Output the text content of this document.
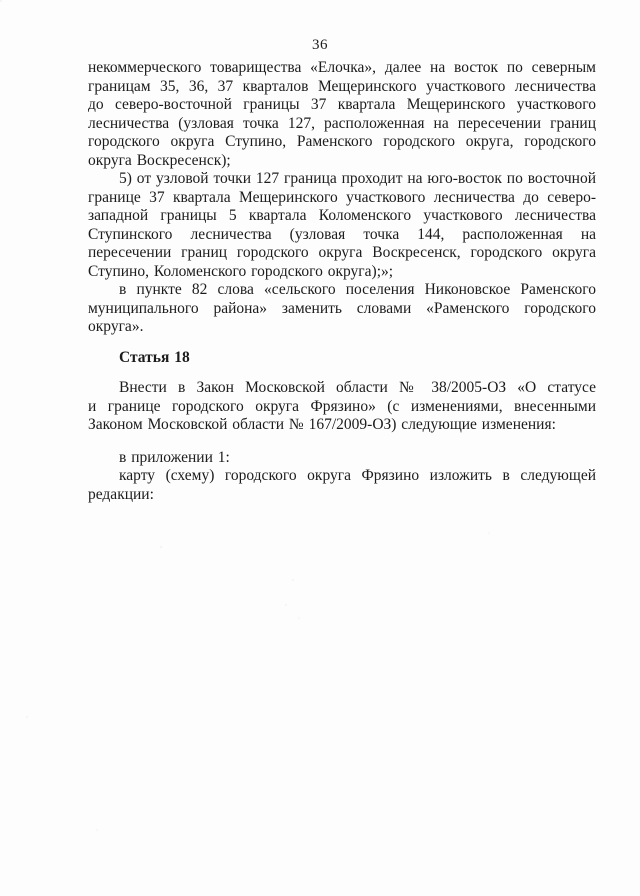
36

некоммерческого товарищества «Елочка», далее на восток по северным границам 35, 36, 37 кварталов Мещеринского участкового лесничества до северо-восточной границы 37 квартала Мещеринского участкового лесничества (узловая точка 127, расположенная на пересечении границ городского округа Ступино, Раменского городского округа, городского округа Воскресенск);

5) от узловой точки 127 граница проходит на юго-восток по восточной границе 37 квартала Мещеринского участкового лесничества до северо-западной границы 5 квартала Коломенского участкового лесничества Ступинского лесничества (узловая точка 144, расположенная на пересечении границ городского округа Воскресенск, городского округа Ступино, Коломенского городского округа);»;

в пункте 82 слова «сельского поселения Никоновское Раменского муниципального района» заменить словами «Раменского городского округа».

Статья 18

Внести в Закон Московской области № 38/2005-ОЗ «О статусе и границе городского округа Фрязино» (с изменениями, внесенными Законом Московской области № 167/2009-ОЗ) следующие изменения:

в приложении 1:

карту (схему) городского округа Фрязино изложить в следующей редакции:
